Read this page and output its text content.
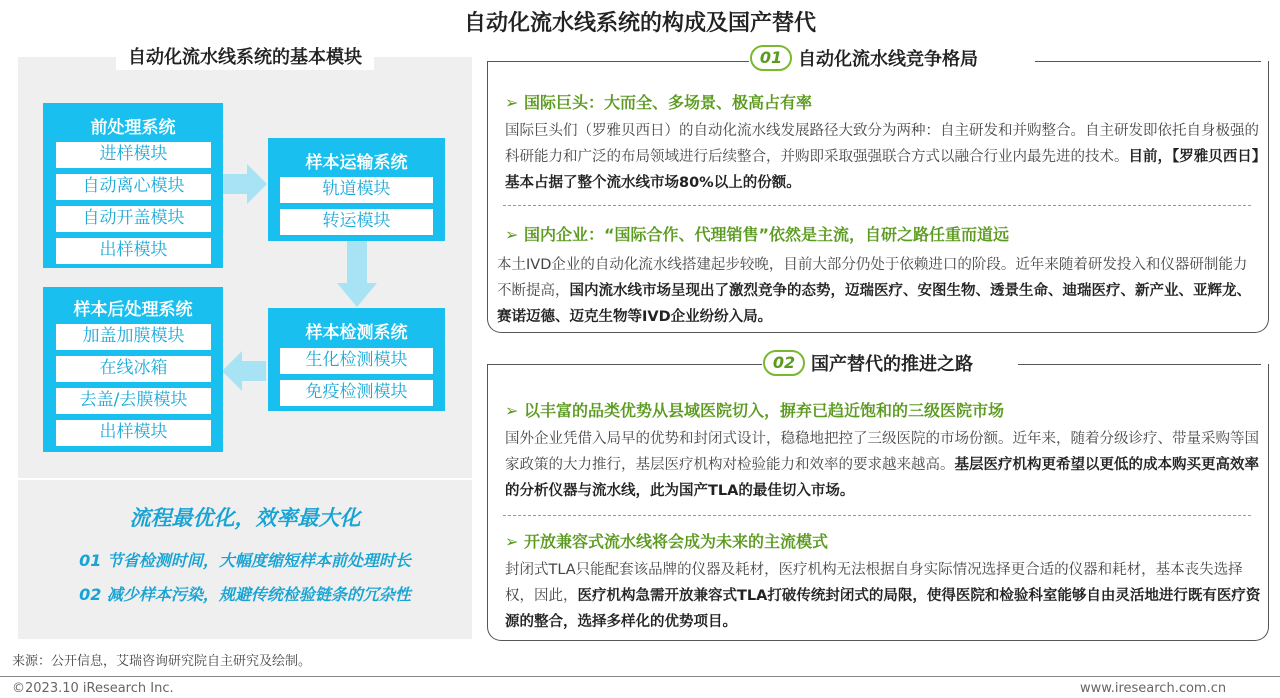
自动化流水线系统的构成及国产替代
自动化流水线系统的基本模块
前处理系统
进样模块
自动离心模块
自动开盖模块
出样模块
样本运输系统
轨道模块
转运模块
样本检测系统
生化检测模块
免疫检测模块
样本后处理系统
加盖加膜模块
在线冰箱
去盖/去膜模块
出样模块
流程最优化，效率最大化
01 节省检测时间，大幅度缩短样本前处理时长
02 减少样本污染，规避传统检验链条的冗杂性
01 自动化流水线竞争格局
➢ 国际巨头：大而全、多场景、极高占有率
国际巨头们（罗雅贝西日）的自动化流水线发展路径大致分为两种：自主研发和并购整合。自主研发即依托自身极强的科研能力和广泛的布局领域进行后续整合，并购即采取强强联合方式以融合行业内最先进的技术。目前，【罗雅贝西日】基本占据了整个流水线市场80%以上的份额。
➢ 国内企业：“国际合作、代理销售”依然是主流，自研之路任重而道远
本土IVD企业的自动化流水线搭建起步较晚，目前大部分仍处于依赖进口的阶段。近年来随着研发投入和仪器研制能力不断提高，国内流水线市场呈现出了激烈竞争的态势，迈瑞医疗、安图生物、透景生命、迪瑞医疗、新产业、亚辉龙、赛诺迈德、迈克生物等IVD企业纷纷入局。
02 国产替代的推进之路
➢ 以丰富的品类优势从县域医院切入，摒弃已趋近饱和的三级医院市场
国外企业凭借入局早的优势和封闭式设计，稳稳地把控了三级医院的市场份额。近年来，随着分级诊疗、带量采购等国家政策的大力推行，基层医疗机构对检验能力和效率的要求越来越高。基层医疗机构更希望以更低的成本购买更高效率的分析仪器与流水线，此为国产TLA的最佳切入市场。
➢ 开放兼容式流水线将会成为未来的主流模式
封闭式TLA只能配套该品牌的仪器及耗材，医疗机构无法根据自身实际情况选择更合适的仪器和耗材，基本丧失选择权，因此，医疗机构急需开放兼容式TLA打破传统封闭式的局限，使得医院和检验科室能够自由灵活地进行既有医疗资源的整合，选择多样化的优势项目。
来源：公开信息，艾瑞咨询研究院自主研究及绘制。
©2023.10 iResearch Inc.	www.iresearch.com.cn
